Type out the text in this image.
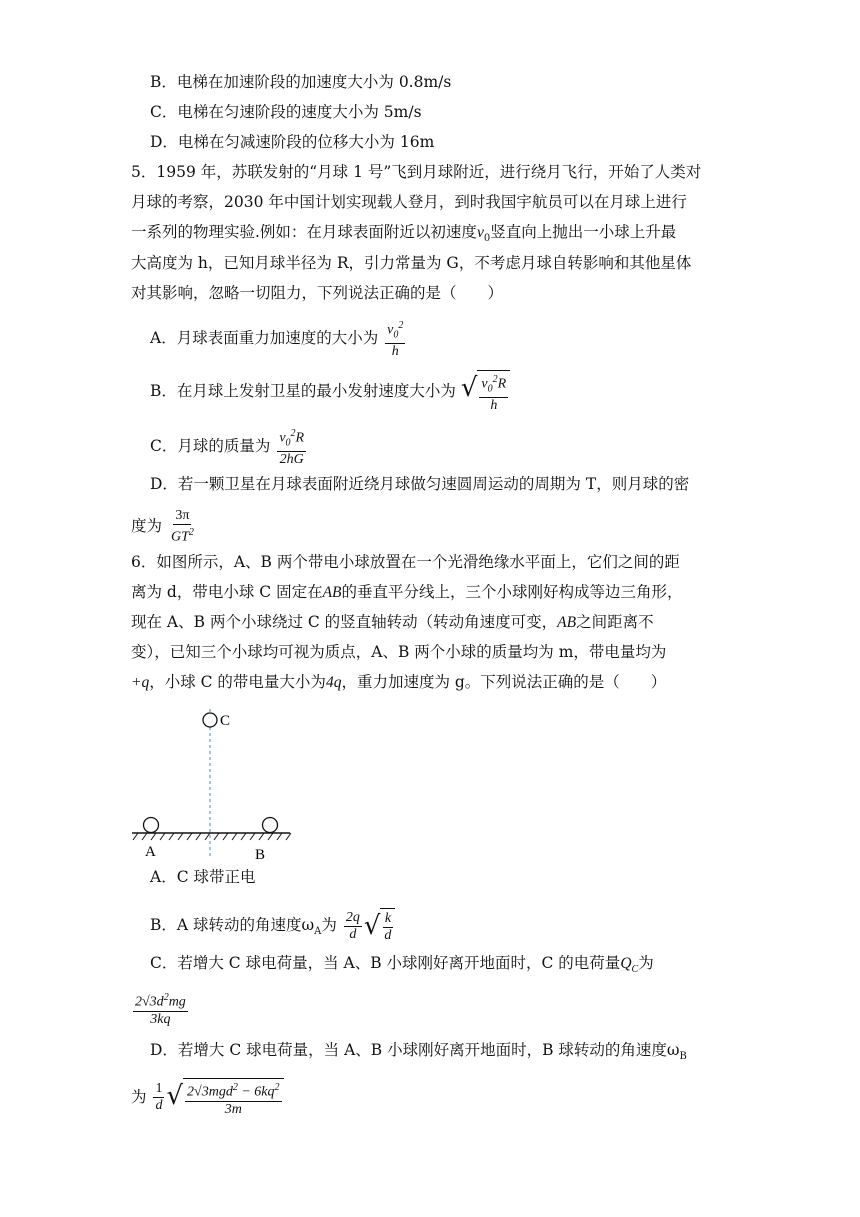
B．电梯在加速阶段的加速度大小为 0.8m/s
C．电梯在匀速阶段的速度大小为 5m/s
D．电梯在匀减速阶段的位移大小为 16m
5．1959 年，苏联发射的“月球 1 号”飞到月球附近，进行绕月飞行，开始了人类对
月球的考察，2030 年中国计划实现载人登月，到时我国宇航员可以在月球上进行
一系列的物理实验.例如：在月球表面附近以初速度$v_0$竖直向上抛出一小球上升最
大高度为 h，已知月球半径为 R，引力常量为 G，不考虑月球自转影响和其他星体
对其影响，忽略一切阻力，下列说法正确的是（　　）
A．月球表面重力加速度的大小为 $\frac{v_0^2}{h}$
B．在月球上发射卫星的最小发射速度大小为 √ $\frac{v_0^2R}{h}$
C．月球的质量为 $\frac{v_0^2R}{2hG}$
D．若一颗卫星在月球表面附近绕月球做匀速圆周运动的周期为 T，则月球的密
度为 $\frac{3\pi}{GT^2}$
6．如图所示，A、B 两个带电小球放置在一个光滑绝缘水平面上，它们之间的距
离为 d，带电小球 C 固定在AB的垂直平分线上，三个小球刚好构成等边三角形，
现在 A、B 两个小球绕过 C 的竖直轴转动（转动角速度可变，AB之间距离不
变），已知三个小球均可视为质点，A、B 两个小球的质量均为 m，带电量均为
+q，小球 C 的带电量大小为4q，重力加速度为 g。下列说法正确的是（　　）
C
A	B
A．C 球带正电
B．A 球转动的角速度$\omega_A$为 $\frac{2q}{d}$ √ $\frac{k}{d}$
C．若增大 C 球电荷量，当 A、B 小球刚好离开地面时，C 的电荷量$Q_C$为
$\frac{2√3d^2mg}{3kq}$
D．若增大 C 球电荷量，当 A、B 小球刚好离开地面时，B 球转动的角速度$\omega_B$
为 $\frac{1}{d}$ √ $\frac{2√3mgd^2 - 6kq^2}{3m}$
